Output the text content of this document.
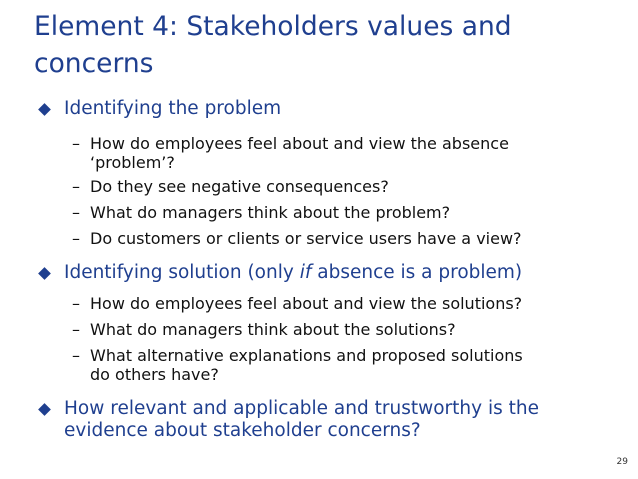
Element 4: Stakeholders values and
concerns
Identifying the problem
– How do employees feel about and view the absence
‘problem’?
– Do they see negative consequences?
– What do managers think about the problem?
– Do customers or clients or service users have a view?
Identifying solution (only if absence is a problem)
– How do employees feel about and view the solutions?
– What do managers think about the solutions?
– What alternative explanations and proposed solutions
do others have?
How relevant and applicable and trustworthy is the
evidence about stakeholder concerns?
29
